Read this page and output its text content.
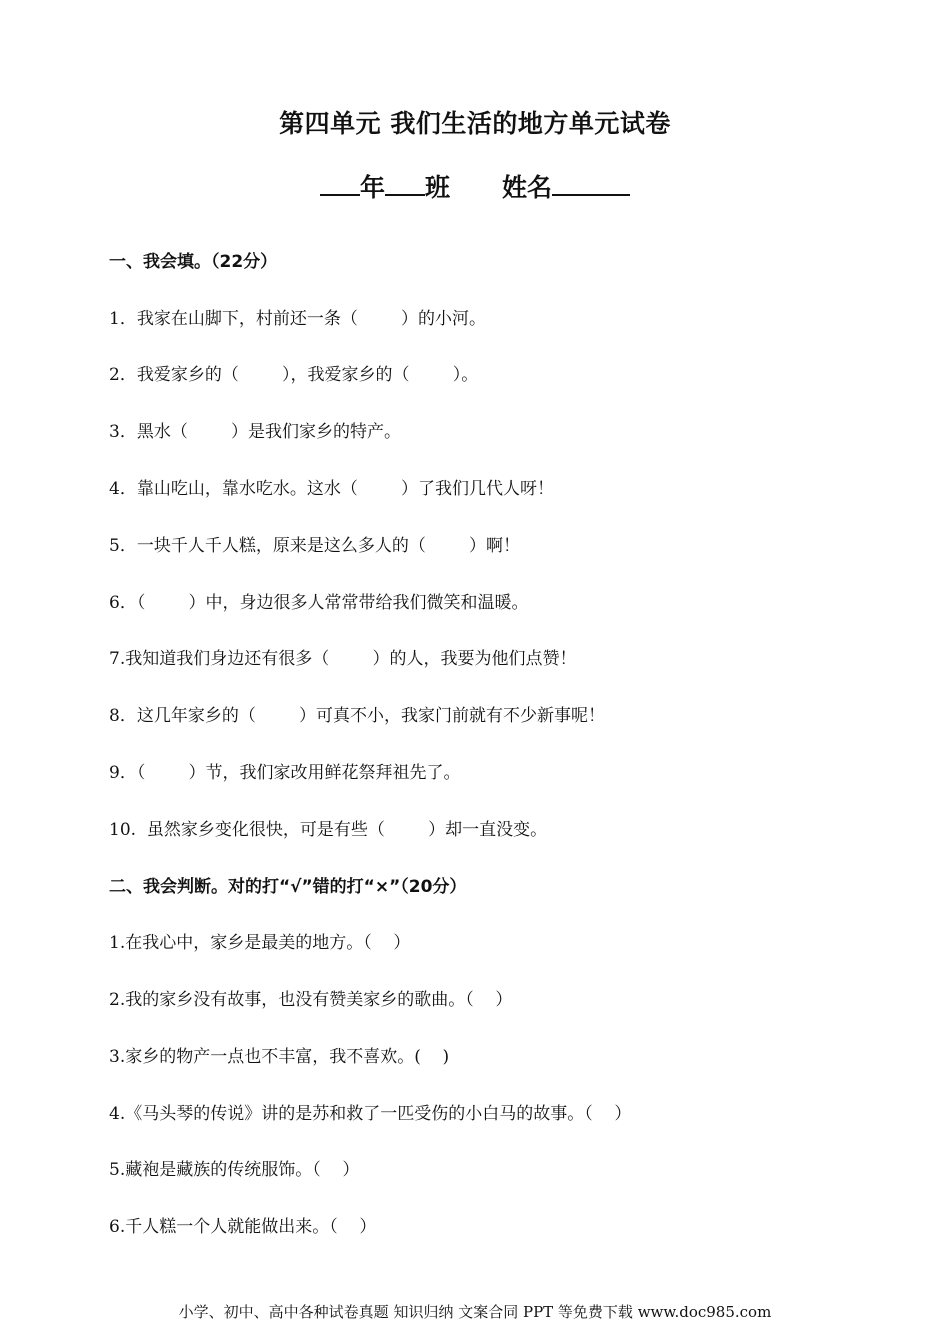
第四单元 我们生活的地方单元试卷
年 班 姓名
一、我会填。（22分）
1．我家在山脚下，村前还一条（        ）的小河。
2．我爱家乡的（        ），我爱家乡的（        ）。
3．黑水（        ）是我们家乡的特产。
4．靠山吃山，靠水吃水。这水（        ）了我们几代人呀！
5．一块千人千人糕，原来是这么多人的（        ）啊！
6．（        ）中，身边很多人常常带给我们微笑和温暖。
7.我知道我们身边还有很多（        ）的人，我要为他们点赞！
8．这几年家乡的（        ）可真不小，我家门前就有不少新事呢！
9．（        ）节，我们家改用鲜花祭拜祖先了。
10.  虽然家乡变化很快，可是有些（        ）却一直没变。
二、我会判断。对的打“√”错的打“×”（20分）
1.在我心中，家乡是最美的地方。（    ）
2.我的家乡没有故事，也没有赞美家乡的歌曲。（    ）
3.家乡的物产一点也不丰富，我不喜欢。(    )
4.《马头琴的传说》讲的是苏和救了一匹受伤的小白马的故事。（    ）
5.藏袍是藏族的传统服饰。（    ）
6.千人糕一个人就能做出来。（    ）
小学、初中、高中各种试卷真题 知识归纳 文案合同 PPT 等免费下载 www.doc985.com
